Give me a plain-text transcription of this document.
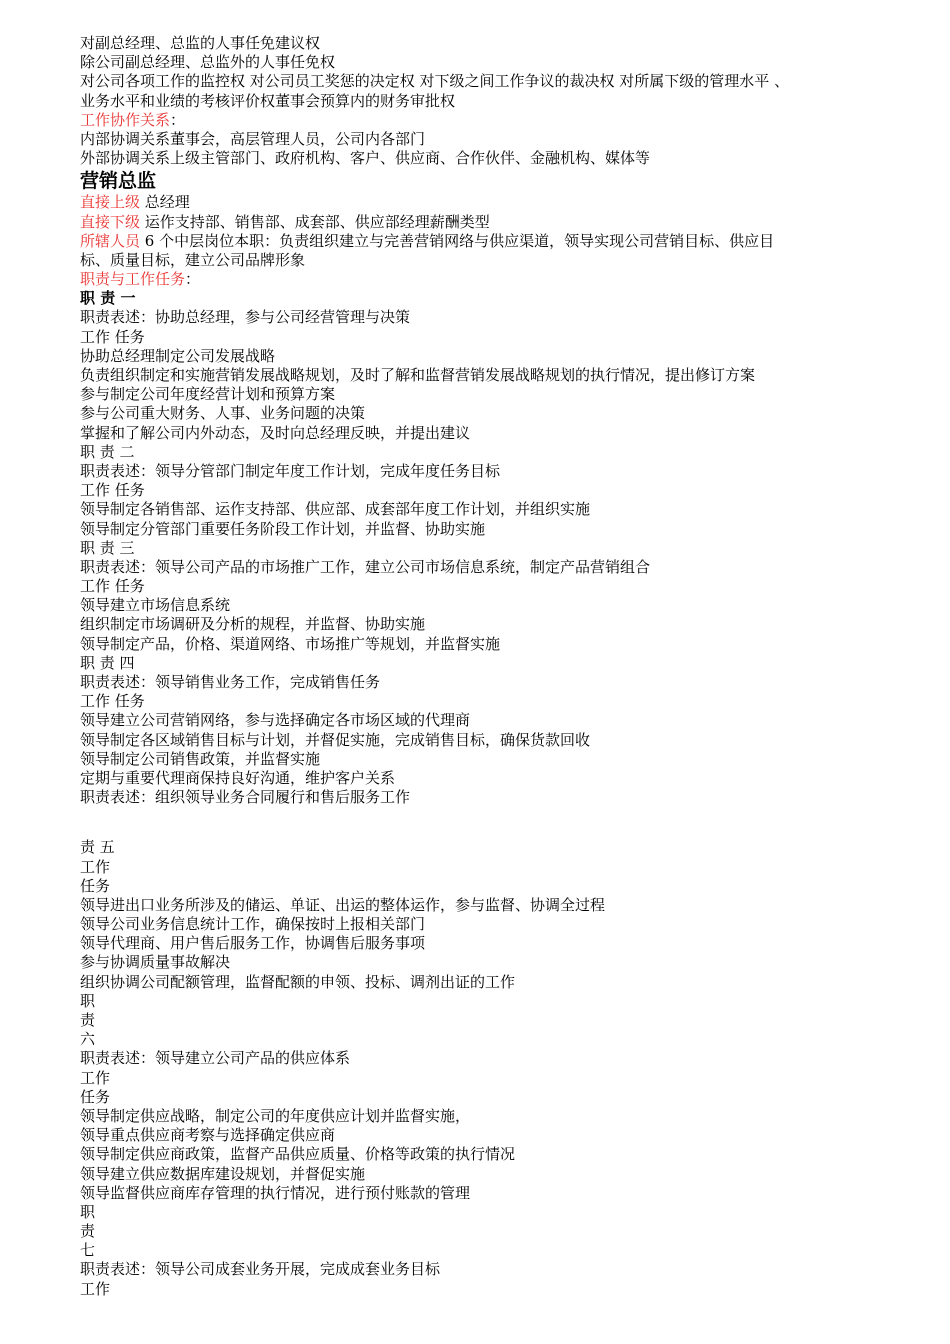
对副总经理、总监的人事任免建议权
除公司副总经理、总监外的人事任免权
对公司各项工作的监控权 对公司员工奖惩的决定权 对下级之间工作争议的裁决权 对所属下级的管理水平 、
业务水平和业绩的考核评价权董事会预算内的财务审批权
工作协作关系：
内部协调关系董事会，高层管理人员，公司内各部门
外部协调关系上级主管部门、政府机构、客户、供应商、合作伙伴、金融机构、媒体等
营销总监
直接上级 总经理
直接下级 运作支持部、销售部、成套部、供应部经理薪酬类型
所辖人员 6 个中层岗位本职：负责组织建立与完善营销网络与供应渠道，领导实现公司营销目标、供应目
标、质量目标，建立公司品牌形象
职责与工作任务：
职 责 一
职责表述：协助总经理，参与公司经营管理与决策
工作 任务
协助总经理制定公司发展战略
负责组织制定和实施营销发展战略规划，及时了解和监督营销发展战略规划的执行情况，提出修订方案
参与制定公司年度经营计划和预算方案
参与公司重大财务、人事、业务问题的决策
掌握和了解公司内外动态，及时向总经理反映，并提出建议
职 责 二
职责表述：领导分管部门制定年度工作计划，完成年度任务目标
工作 任务
领导制定各销售部、运作支持部、供应部、成套部年度工作计划，并组织实施
领导制定分管部门重要任务阶段工作计划，并监督、协助实施
职 责 三
职责表述：领导公司产品的市场推广工作，建立公司市场信息系统，制定产品营销组合
工作 任务
领导建立市场信息系统
组织制定市场调研及分析的规程，并监督、协助实施
领导制定产品，价格、渠道网络、市场推广等规划，并监督实施
职 责 四
职责表述：领导销售业务工作，完成销售任务
工作 任务
领导建立公司营销网络，参与选择确定各市场区域的代理商
领导制定各区域销售目标与计划，并督促实施，完成销售目标，确保货款回收
领导制定公司销售政策，并监督实施
定期与重要代理商保持良好沟通，维护客户关系
职责表述：组织领导业务合同履行和售后服务工作
责 五
工作
任务
领导进出口业务所涉及的储运、单证、出运的整体运作，参与监督、协调全过程
领导公司业务信息统计工作，确保按时上报相关部门
领导代理商、用户售后服务工作，协调售后服务事项
参与协调质量事故解决
组织协调公司配额管理，监督配额的申领、投标、调剂出证的工作
职
责
六
职责表述：领导建立公司产品的供应体系
工作
任务
领导制定供应战略，制定公司的年度供应计划并监督实施，
领导重点供应商考察与选择确定供应商
领导制定供应商政策，监督产品供应质量、价格等政策的执行情况
领导建立供应数据库建设规划，并督促实施
领导监督供应商库存管理的执行情况，进行预付账款的管理
职
责
七
职责表述：领导公司成套业务开展，完成成套业务目标
工作
